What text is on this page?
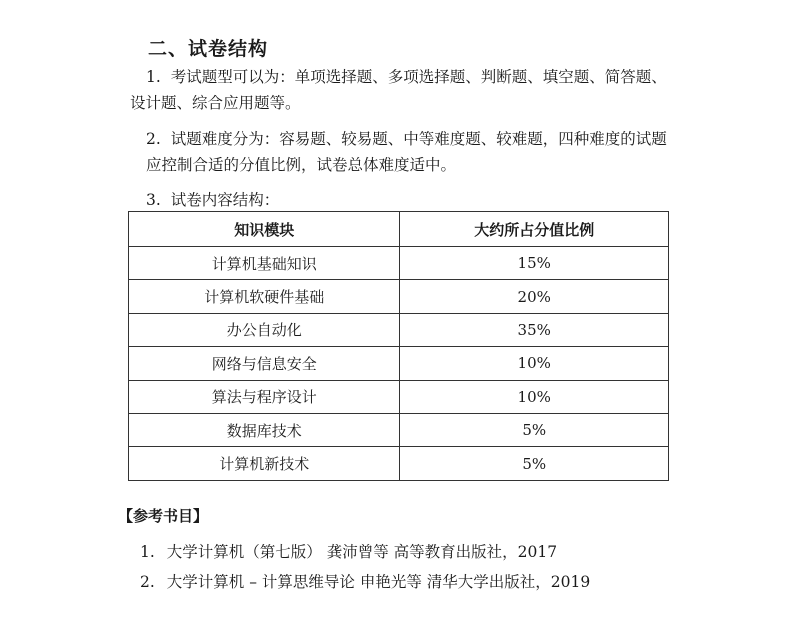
二、试卷结构
1. 考试题型可以为：单项选择题、多项选择题、判断题、填空题、简答题、
设计题、综合应用题等。
2. 试题难度分为：容易题、较易题、中等难度题、较难题，四种难度的试题
应控制合适的分值比例，试卷总体难度适中。
3. 试卷内容结构：
知识模块	大约所占分值比例
计算机基础知识	15%
计算机软硬件基础	20%
办公自动化	35%
网络与信息安全	10%
算法与程序设计	10%
数据库技术	5%
计算机新技术	5%
【参考书目】
1. 大学计算机（第七版） 龚沛曾等 高等教育出版社，2017
2. 大学计算机 – 计算思维导论 申艳光等 清华大学出版社，2019
